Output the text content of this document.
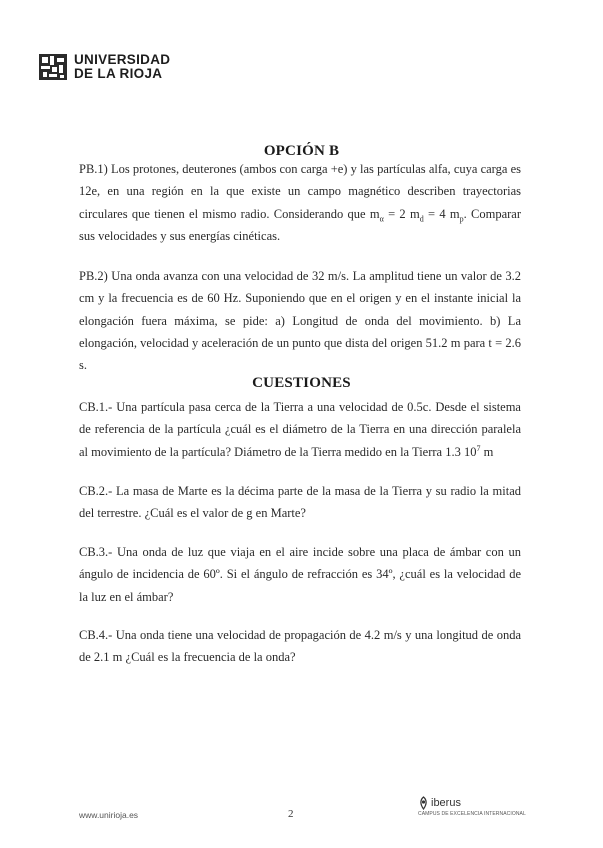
UNIVERSIDAD
DE LA RIOJA
OPCIÓN B
PB.1) Los protones, deuterones (ambos con carga +e) y las partículas alfa, cuya carga es 12e, en una región en la que existe un campo magnético describen trayectorias circulares que tienen el mismo radio. Considerando que $m_\alpha = 2$ $m_d = 4$ $m_p$. Comparar sus velocidades y sus energías cinéticas.
PB.2) Una onda avanza con una velocidad de 32 m/s. La amplitud tiene un valor de 3.2 cm y la frecuencia es de 60 Hz. Suponiendo que en el origen y en el instante inicial la elongación fuera máxima, se pide: a) Longitud de onda del movimiento. b) La elongación, velocidad y aceleración de un punto que dista del origen 51.2 m para t = 2.6 s.
CUESTIONES
CB.1.- Una partícula pasa cerca de la Tierra a una velocidad de 0.5c. Desde el sistema de referencia de la partícula ¿cuál es el diámetro de la Tierra en una dirección paralela al movimiento de la partícula? Diámetro de la Tierra medido en la Tierra 1.3 $10^7$ m
CB.2.- La masa de Marte es la décima parte de la masa de la Tierra y su radio la mitad del terrestre. ¿Cuál es el valor de g en Marte?
CB.3.- Una onda de luz que viaja en el aire incide sobre una placa de ámbar con un ángulo de incidencia de 60º. Si el ángulo de refracción es 34º, ¿cuál es la velocidad de la luz en el ámbar?
CB.4.- Una onda tiene una velocidad de propagación de 4.2 m/s y una longitud de onda de 2.1 m ¿Cuál es la frecuencia de la onda?
www.unirioja.es	2
iberus
CAMPUS DE EXCELENCIA INTERNACIONAL
